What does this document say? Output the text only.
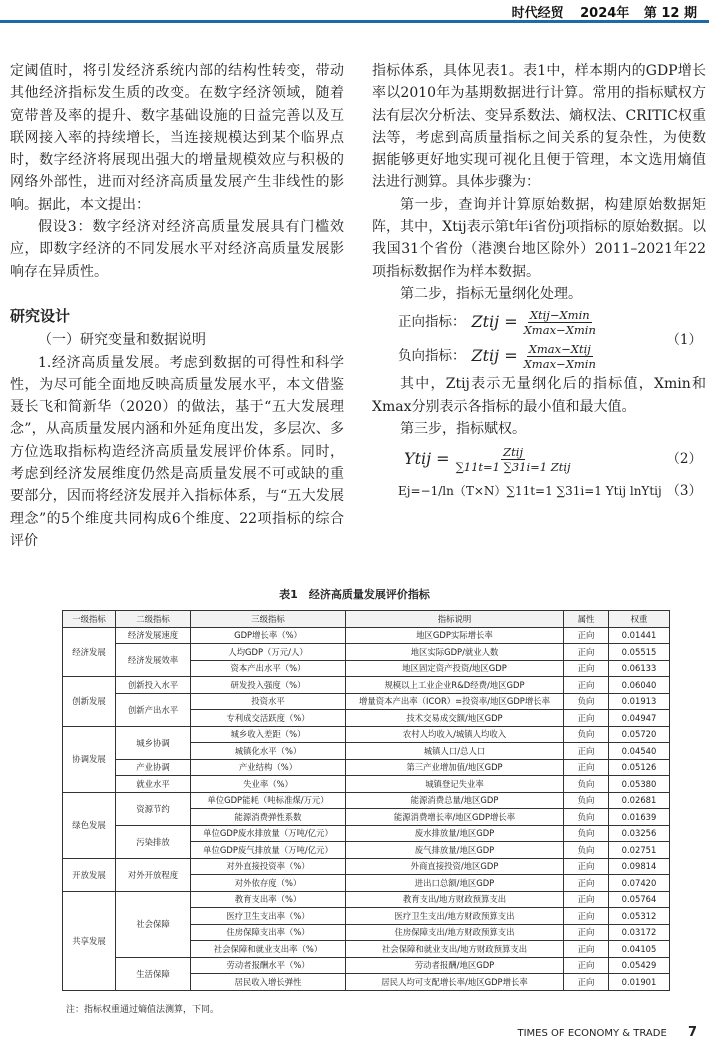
时代经贸 2024年 第 12 期

定阈值时，将引发经济系统内部的结构性转变，带动其他经济指标发生质的改变。在数字经济领域，随着宽带普及率的提升、数字基础设施的日益完善以及互联网接入率的持续增长，当连接规模达到某个临界点时，数字经济将展现出强大的增量规模效应与积极的网络外部性，进而对经济高质量发展产生非线性的影响。据此，本文提出：

假设3：数字经济对经济高质量发展具有门槛效应，即数字经济的不同发展水平对经济高质量发展影响存在异质性。

研究设计

（一）研究变量和数据说明

1.经济高质量发展。考虑到数据的可得性和科学性，为尽可能全面地反映高质量发展水平，本文借鉴聂长飞和简新华（2020）的做法，基于“五大发展理念”，从高质量发展内涵和外延角度出发，多层次、多方位选取指标构造经济高质量发展评价体系。同时，考虑到经济发展维度仍然是高质量发展不可或缺的重要部分，因而将经济发展并入指标体系，与“五大发展理念”的5个维度共同构成6个维度、22项指标的综合评价

指标体系，具体见表1。表1中，样本期内的GDP增长率以2010年为基期数据进行计算。常用的指标赋权方法有层次分析法、变异系数法、熵权法、CRITIC权重法等，考虑到高质量指标之间关系的复杂性，为使数据能够更好地实现可视化且便于管理，本文选用熵值法进行测算。具体步骤为：

第一步，查询并计算原始数据，构建原始数据矩阵，其中，Xtij表示第t年i省份j项指标的原始数据。以我国31个省份（港澳台地区除外）2011–2021年22项指标数据作为样本数据。

第二步，指标无量纲化处理。

正向指标： Ztij = $\frac{\text{Xtij−Xmin}}{Xmax-Xmin}$
负向指标： Ztij = $\frac{\text{Xmax−Xtij}}{Xmax-Xmin}$
（1）

其中，Ztij表示无量纲化后的指标值，Xmin和Xmax分别表示各指标的最小值和最大值。

第三步，指标赋权。

Ytij = $\frac{\text{Ztij}}{\text{∑11t=1 ∑31i=1 Ztij}}$	（2）
Ej=−1/ln（T×N）∑11t=1 ∑31i=1 Ytij lnYtij （3）
表1　经济高质量发展评价指标
一级指标	二级指标	三级指标	指标说明	属性	权重
经济发展	经济发展速度	GDP增长率（%）	地区GDP实际增长率	正向	0.01441
	经济发展效率	人均GDP（万元/人）	地区实际GDP/就业人数	正向	0.05515
		资本产出水平（%）	地区固定资产投资/地区GDP	正向	0.06133
创新发展	创新投入水平	研发投入强度（%）	规模以上工业企业R&D经费/地区GDP	正向	0.06040
	创新产出水平	投资水平	增量资本产出率（ICOR）=投资率/地区GDP增长率	负向	0.01913
		专利成交活跃度（%）	技术交易成交额/地区GDP	正向	0.04947
协调发展	城乡协调	城乡收入差距（%）	农村人均收入/城镇人均收入	负向	0.05720
		城镇化水平（%）	城镇人口/总人口	正向	0.04540
	产业协调	产业结构（%）	第三产业增加值/地区GDP	正向	0.05126
	就业水平	失业率（%）	城镇登记失业率	负向	0.05380
绿色发展	资源节约	单位GDP能耗（吨标准煤/万元）	能源消费总量/地区GDP	负向	0.02681
		能源消费弹性系数	能源消费增长率/地区GDP增长率	负向	0.01639
	污染排放	单位GDP废水排放量（万吨/亿元）	废水排放量/地区GDP	负向	0.03256
		单位GDP废气排放量（万吨/亿元）	废气排放量/地区GDP	负向	0.02751
开放发展	对外开放程度	对外直接投资率（%）	外商直接投资/地区GDP	正向	0.09814
		对外依存度（%）	进出口总额/地区GDP	正向	0.07420
共享发展	社会保障	教育支出率（%）	教育支出/地方财政预算支出	正向	0.05764
		医疗卫生支出率（%）	医疗卫生支出/地方财政预算支出	正向	0.05312
		住房保障支出率（%）	住房保障支出/地方财政预算支出	正向	0.03172
		社会保障和就业支出率（%）	社会保障和就业支出/地方财政预算支出	正向	0.04105
	生活保障	劳动者报酬水平（%）	劳动者报酬/地区GDP	正向	0.05429
		居民收入增长弹性	居民人均可支配增长率/地区GDP增长率	正向	0.01901
注：指标权重通过熵值法测算，下同。
TIMES OF ECONOMY & TRADE 7
